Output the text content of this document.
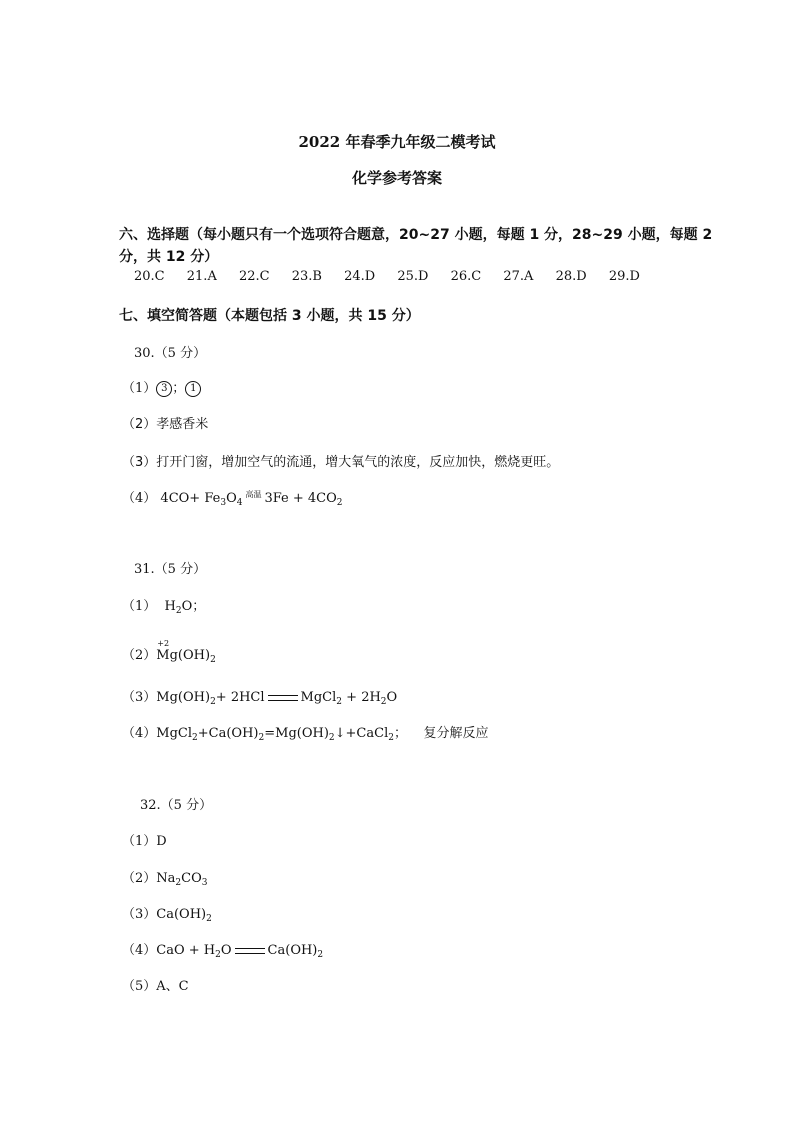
2022 年春季九年级二模考试
化学参考答案
六、选择题（每小题只有一个选项符合题意，20~27 小题，每题 1 分，28~29 小题，每题 2
分，共 12 分）
20.C 21.A 22.C 23.B 24.D 25.D 26.C 27.A 28.D 29.D
七、填空简答题（本题包括 3 小题，共 15 分）
30.（5 分）
（1） 3 ； 1
（2）孝感香米
（3）打开门窗，增加空气的流通，增大氧气的浓度，反应加快，燃烧更旺。
（4） $4CO+ Fe_3O_4$高温 $3Fe + 4CO_2$
31.（5 分）
（1） $H_2O$；
（2）
+2
$Mg(OH)_2$
$(3)Mg(OH)_2+ 2HCl$	MgCl$_2$ + $2H_2O$
$(4)MgCl_2+Ca(OH)_2=Mg(OH)_2↓+CaCl_2$； 复分解反应
32.（5 分）
（1）D
$(2)Na_2CO_3$
$(3)Ca(OH)_2$
$(4)CaO + H_2O$	$Ca(OH)_2$
（5）A、C
